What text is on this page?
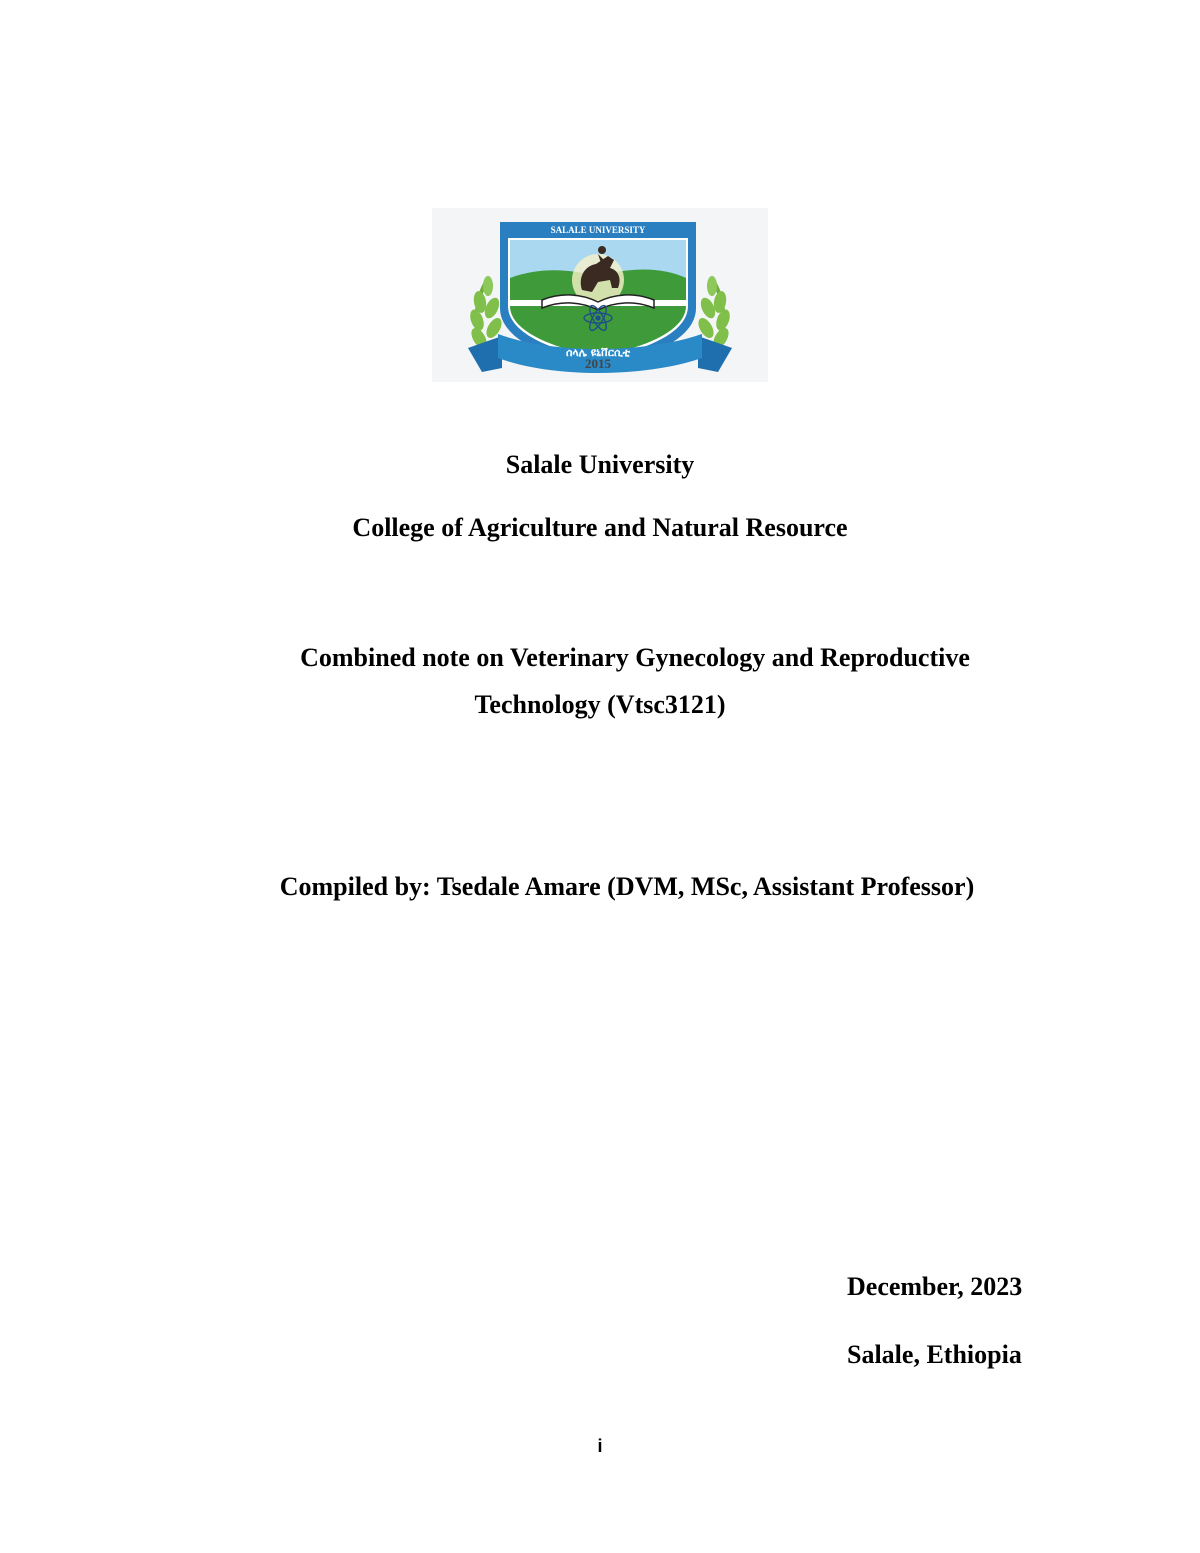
SALALE UNIVERSITY
ሰላሌ ዩኒቨርሲቲ
2015
Salale University
College of Agriculture and Natural Resource
Combined note on Veterinary Gynecology and Reproductive
Technology (Vtsc3121)
Compiled by: Tsedale Amare (DVM, MSc, Assistant Professor)
December, 2023
Salale, Ethiopia
i
